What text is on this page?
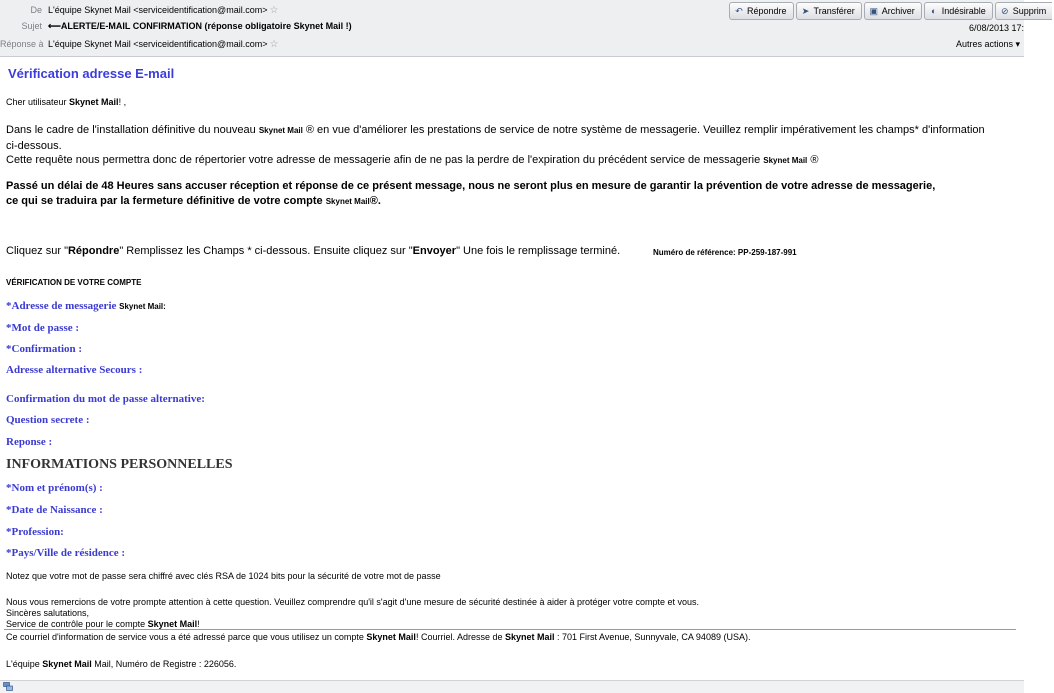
De L'équipe Skynet Mail <serviceidentification@mail.com> ☆
Sujet ⟵ALERTE/E-MAIL CONFIRMATION (réponse obligatoire Skynet Mail !)
Réponse à L'équipe Skynet Mail <serviceidentification@mail.com> ☆
↶ Répondre ➤ Transférer ▣ Archiver ◐ Indésirable ⊘ Supprim
6/08/2013 17:
Autres actions ▾
Vérification adresse E-mail
Cher utilisateur Skynet Mail! ,
Dans le cadre de l'installation définitive du nouveau Skynet Mail ® en vue d'améliorer les prestations de service de notre système de messagerie. Veuillez remplir impérativement les champs* d'information
ci-dessous.
Cette requête nous permettra donc de répertorier votre adresse de messagerie afin de ne pas la perdre de l'expiration du précédent service de messagerie Skynet Mail ®
Passé un délai de 48 Heures sans accuser réception et réponse de ce présent message, nous ne seront plus en mesure de garantir la prévention de votre adresse de messagerie,
ce qui se traduira par la fermeture définitive de votre compte Skynet Mail®.
Cliquez sur "Répondre" Remplissez les Champs * ci-dessous. Ensuite cliquez sur "Envoyer" Une fois le remplissage terminé.	Numéro de référence: PP-259-187-991
VÉRIFICATION DE VOTRE COMPTE
*Adresse de messagerie Skynet Mail:
*Mot de passe :
*Confirmation :
Adresse alternative Secours :
Confirmation du mot de passe alternative:
Question secrete :
Reponse :
INFORMATIONS PERSONNELLES
*Nom et prénom(s) :
*Date de Naissance :
*Profession:
*Pays/Ville de résidence :
Notez que votre mot de passe sera chiffré avec clés RSA de 1024 bits pour la sécurité de votre mot de passe
Nous vous remercions de votre prompte attention à cette question. Veuillez comprendre qu'il s'agit d'une mesure de sécurité destinée à aider à protéger votre compte et vous.
Sincères salutations,
Service de contrôle pour le compte Skynet Mail!
Ce courriel d'information de service vous a été adressé parce que vous utilisez un compte Skynet Mail! Courriel. Adresse de Skynet Mail : 701 First Avenue, Sunnyvale, CA 94089 (USA).
L'équipe Skynet Mail Mail, Numéro de Registre : 226056.
